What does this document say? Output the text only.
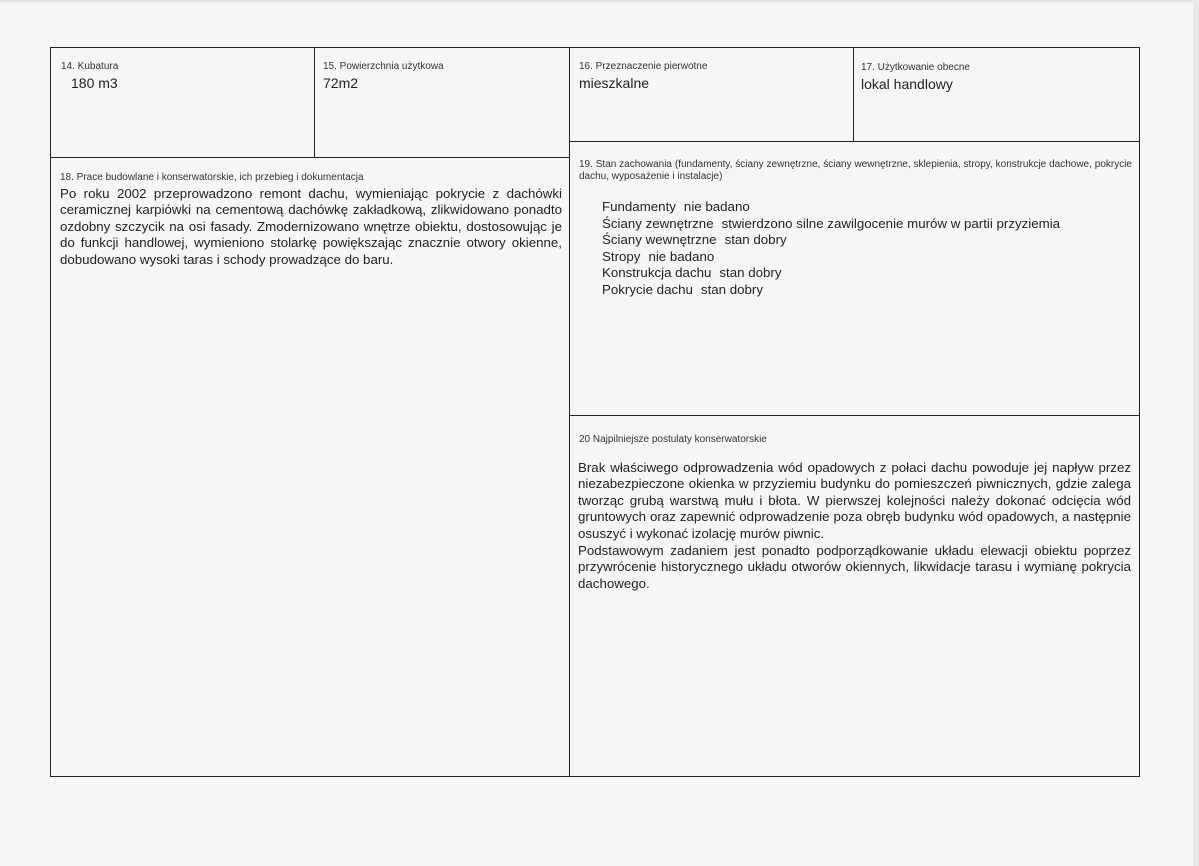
14. Kubatura
180 m3
15. Powierzchnia użytkowa
72m2
16. Przeznaczenie pierwotne
mieszkalne
17. Użytkowanie obecne
lokal handlowy
18. Prace budowlane i konserwatorskie, ich przebieg i dokumentacja
Po roku 2002 przeprowadzono remont dachu, wymieniając pokrycie z dachówki ceramicznej karpiówki na cementową dachówkę zakładkową, zlikwidowano ponadto ozdobny szczycik na osi fasady. Zmodernizowano wnętrze obiektu, dostosowując je do funkcji handlowej, wymieniono stolarkę powiększając znacznie otwory okienne, dobudowano wysoki taras i schody prowadzące do baru.
19. Stan zachowania (fundamenty, ściany zewnętrzne, ściany wewnętrzne, sklepienia, stropy, konstrukcje dachowe, pokrycie dachu, wyposażenie i instalacje)
Fundamenty nie badano
Ściany zewnętrzne stwierdzono silne zawilgocenie murów w partii przyziemia
Ściany wewnętrzne stan dobry
Stropy nie badano
Konstrukcja dachu stan dobry
Pokrycie dachu stan dobry
20 Najpilniejsze postulaty konserwatorskie
Brak właściwego odprowadzenia wód opadowych z połaci dachu powoduje jej napływ przez niezabezpieczone okienka w przyziemiu budynku do pomieszczeń piwnicznych, gdzie zalega tworząc grubą warstwą mułu i błota. W pierwszej kolejności należy dokonać odcięcia wód gruntowych oraz zapewnić odprowadzenie poza obręb budynku wód opadowych, a następnie osuszyć i wykonać izolację murów piwnic.
Podstawowym zadaniem jest ponadto podporządkowanie układu elewacji obiektu poprzez przywrócenie historycznego układu otworów okiennych, likwidacje tarasu i wymianę pokrycia dachowego.
